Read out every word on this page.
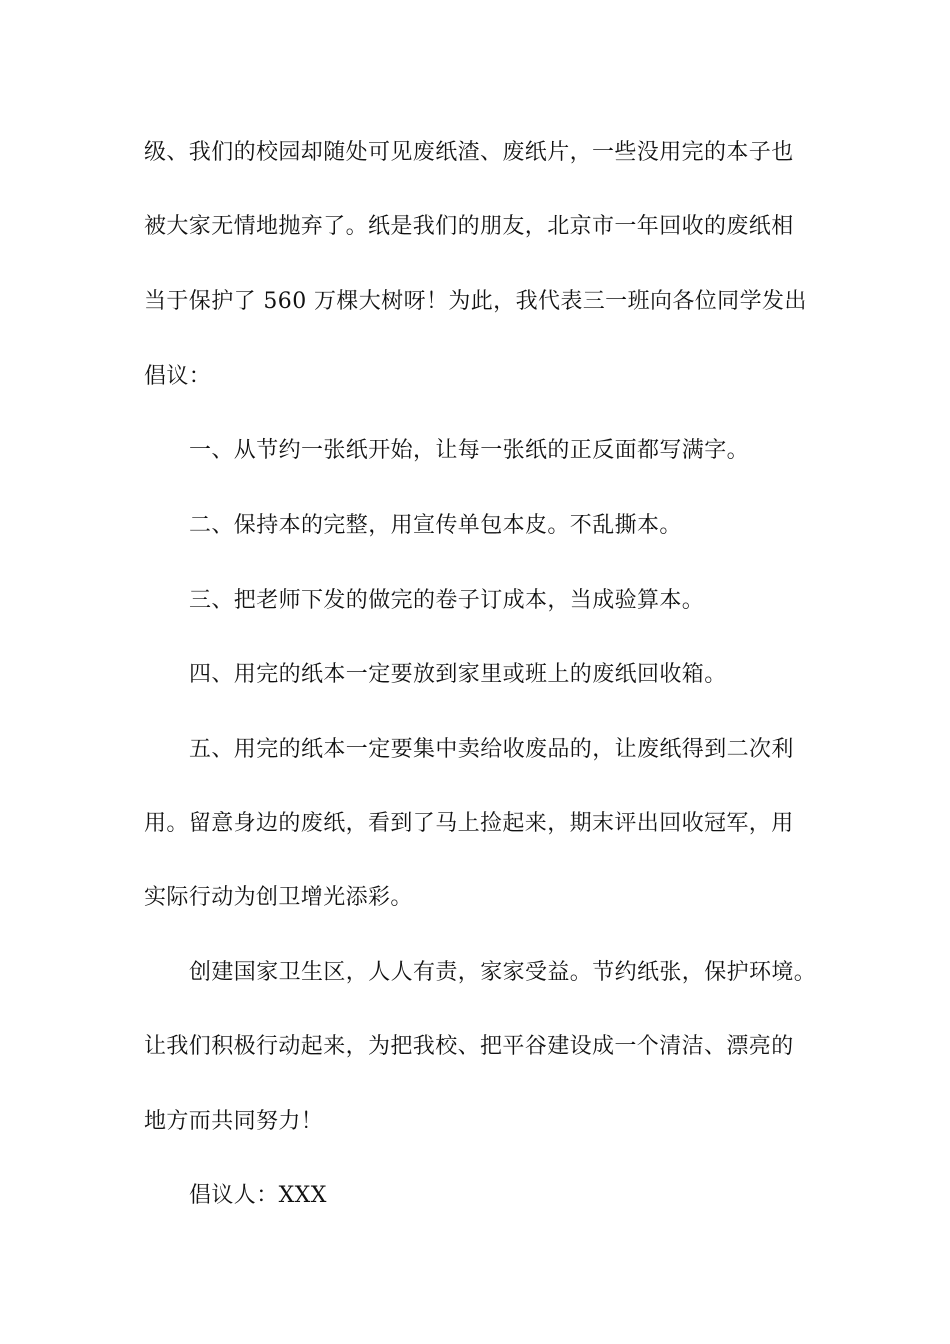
级、我们的校园却随处可见废纸渣、废纸片，一些没用完的本子也
被大家无情地抛弃了。纸是我们的朋友，北京市一年回收的废纸相
当于保护了 560 万棵大树呀！为此，我代表三一班向各位同学发出
倡议：
一、从节约一张纸开始，让每一张纸的正反面都写满字。
二、保持本的完整，用宣传单包本皮。不乱撕本。
三、把老师下发的做完的卷子订成本，当成验算本。
四、用完的纸本一定要放到家里或班上的废纸回收箱。
五、用完的纸本一定要集中卖给收废品的，让废纸得到二次利
用。留意身边的废纸，看到了马上捡起来，期末评出回收冠军，用
实际行动为创卫增光添彩。
创建国家卫生区，人人有责，家家受益。节约纸张，保护环境。
让我们积极行动起来，为把我校、把平谷建设成一个清洁、漂亮的
地方而共同努力！
倡议人：XXX
